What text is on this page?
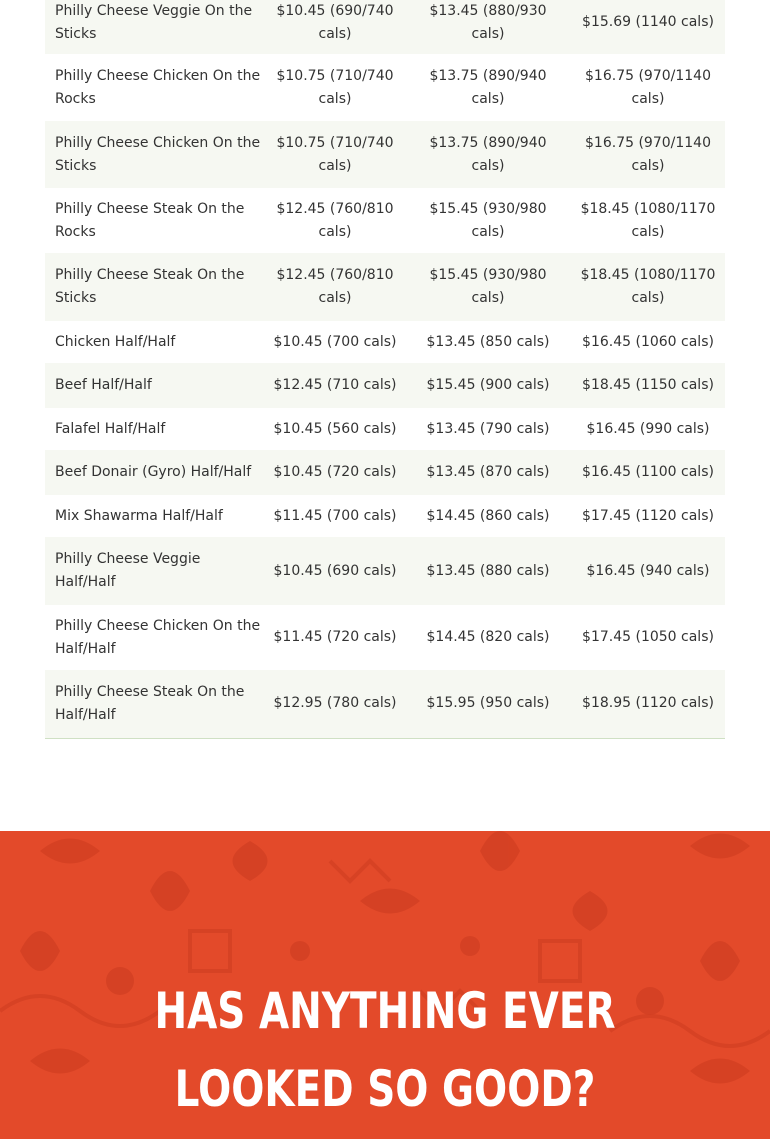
Philly Cheese Veggie On the Sticks	$10.45 (690/740 cals)	$13.45 (880/930 cals)	$15.69 (1140 cals)
Philly Cheese Chicken On the Rocks	$10.75 (710/740 cals)	$13.75 (890/940 cals)	$16.75 (970/1140 cals)
Philly Cheese Chicken On the Sticks	$10.75 (710/740 cals)	$13.75 (890/940 cals)	$16.75 (970/1140 cals)
Philly Cheese Steak On the Rocks	$12.45 (760/810 cals)	$15.45 (930/980 cals)	$18.45 (1080/1170 cals)
Philly Cheese Steak On the Sticks	$12.45 (760/810 cals)	$15.45 (930/980 cals)	$18.45 (1080/1170 cals)
Chicken Half/Half	$10.45 (700 cals)	$13.45 (850 cals)	$16.45 (1060 cals)
Beef Half/Half	$12.45 (710 cals)	$15.45 (900 cals)	$18.45 (1150 cals)
Falafel Half/Half	$10.45 (560 cals)	$13.45 (790 cals)	$16.45 (990 cals)
Beef Donair (Gyro) Half/Half	$10.45 (720 cals)	$13.45 (870 cals)	$16.45 (1100 cals)
Mix Shawarma Half/Half	$11.45 (700 cals)	$14.45 (860 cals)	$17.45 (1120 cals)
Philly Cheese Veggie Half/Half	$10.45 (690 cals)	$13.45 (880 cals)	$16.45 (940 cals)
Philly Cheese Chicken On the Half/Half	$11.45 (720 cals)	$14.45 (820 cals)	$17.45 (1050 cals)
Philly Cheese Steak On the Half/Half	$12.95 (780 cals)	$15.95 (950 cals)	$18.95 (1120 cals)
HAS ANYTHING EVER LOOKED SO GOOD?
